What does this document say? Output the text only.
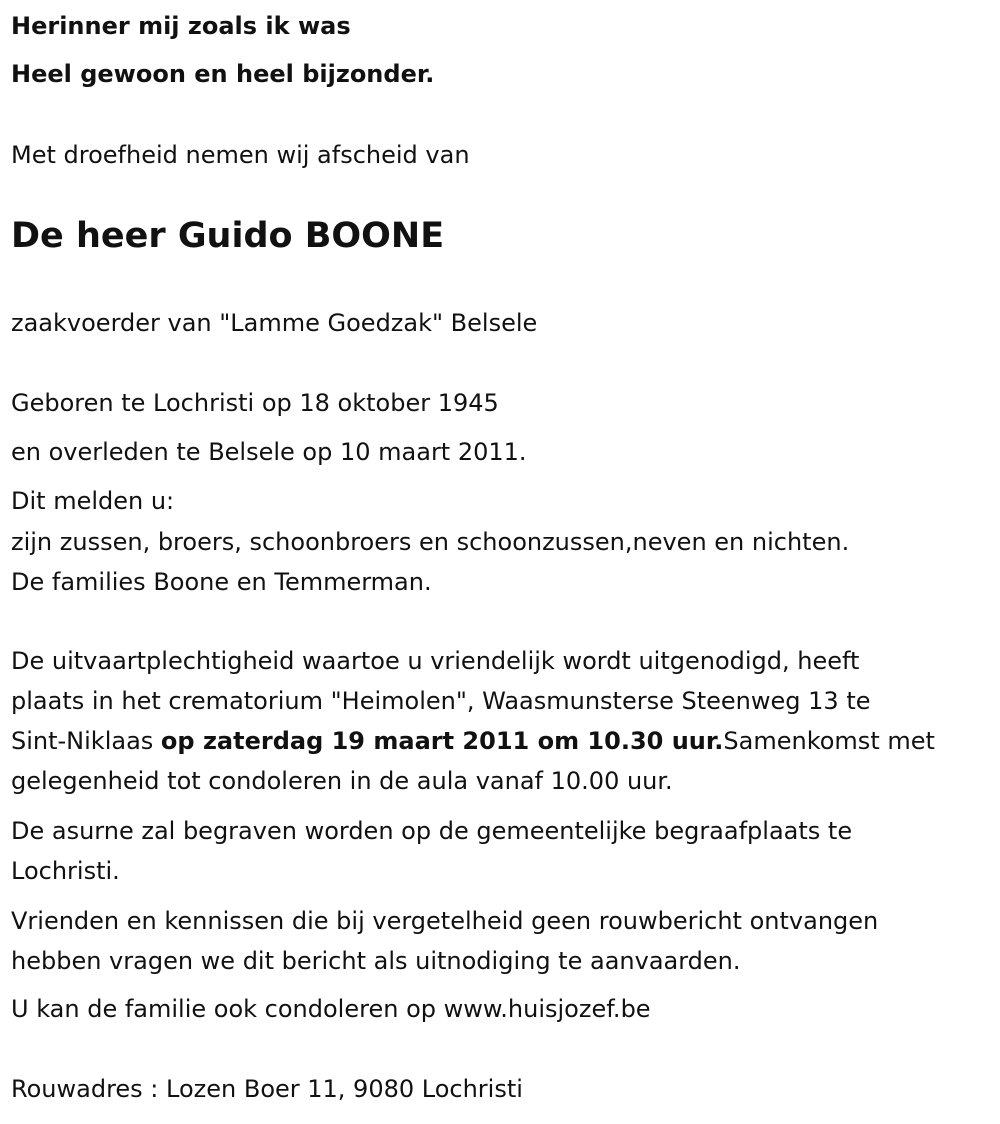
Herinner mij zoals ik was

Heel gewoon en heel bijzonder.

Met droefheid nemen wij afscheid van

De heer Guido BOONE

zaakvoerder van "Lamme Goedzak" Belsele

Geboren te Lochristi op 18 oktober 1945

en overleden te Belsele op 10 maart 2011.

Dit melden u:

zijn zussen, broers, schoonbroers en schoonzussen,neven en nichten.

De families Boone en Temmerman.

De uitvaartplechtigheid waartoe u vriendelijk wordt uitgenodigd, heeft

plaats in het crematorium "Heimolen", Waasmunsterse Steenweg 13 te

Sint-Niklaas op zaterdag 19 maart 2011 om 10.30 uur.Samenkomst met

gelegenheid tot condoleren in de aula vanaf 10.00 uur.

De asurne zal begraven worden op de gemeentelijke begraafplaats te

Lochristi.

Vrienden en kennissen die bij vergetelheid geen rouwbericht ontvangen

hebben vragen we dit bericht als uitnodiging te aanvaarden.

U kan de familie ook condoleren op www.huisjozef.be

Rouwadres : Lozen Boer 11, 9080 Lochristi
